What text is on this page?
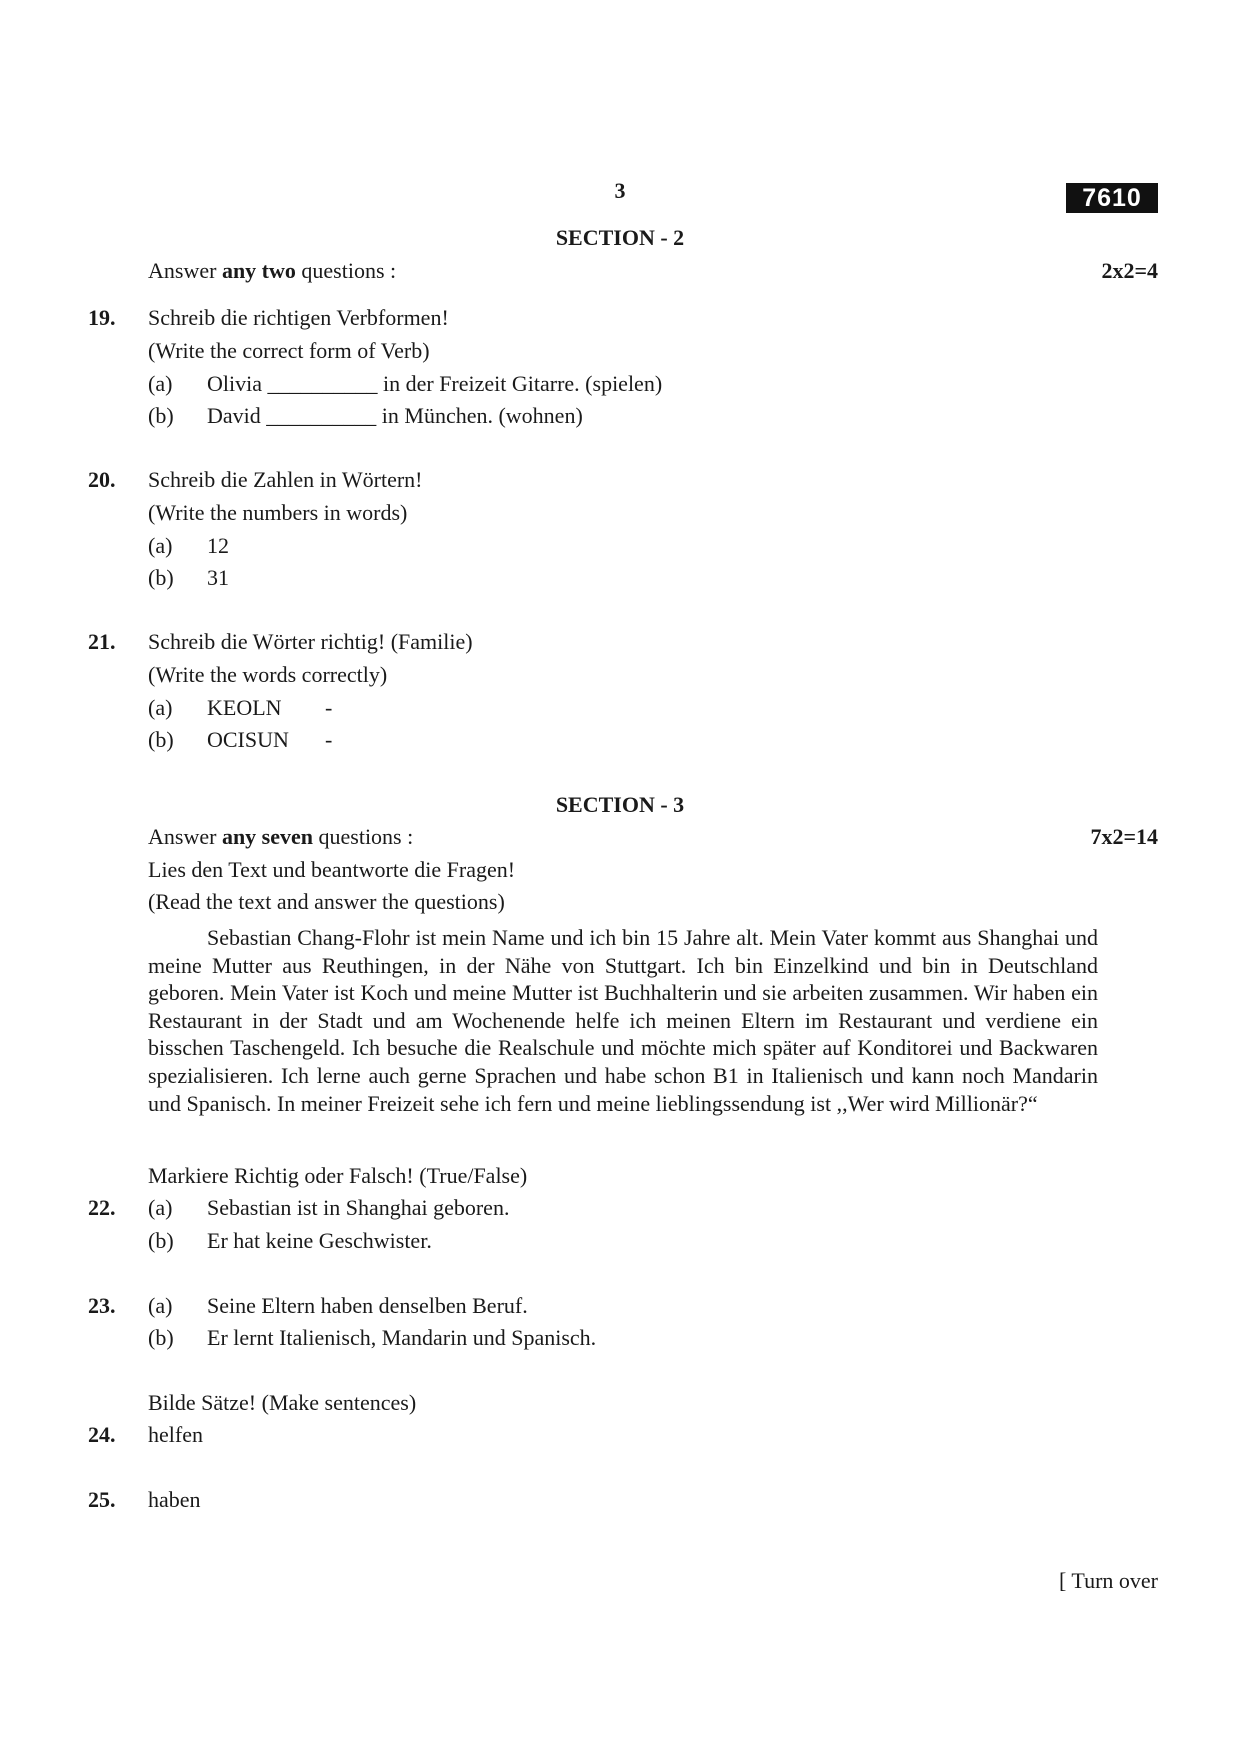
3	7610
SECTION - 2
Answer any two questions :	2x2=4
19. Schreib die richtigen Verbformen!
(Write the correct form of Verb)
(a) Olivia __________ in der Freizeit Gitarre. (spielen)
(b) David __________ in München. (wohnen)
20. Schreib die Zahlen in Wörtern!
(Write the numbers in words)
(a) 12
(b) 31
21. Schreib die Wörter richtig! (Familie)
(Write the words correctly)
(a) KEOLN -
(b) OCISUN -
SECTION - 3
Answer any seven questions :	7x2=14
Lies den Text und beantworte die Fragen!
(Read the text and answer the questions)
Sebastian Chang-Flohr ist mein Name und ich bin 15 Jahre alt. Mein Vater kommt aus Shanghai und meine Mutter aus Reuthingen, in der Nähe von Stuttgart. Ich bin Einzelkind und bin in Deutschland geboren. Mein Vater ist Koch und meine Mutter ist Buchhalterin und sie arbeiten zusammen. Wir haben ein Restaurant in der Stadt und am Wochenende helfe ich meinen Eltern im Restaurant und verdiene ein bisschen Taschengeld. Ich besuche die Realschule und möchte mich später auf Konditorei und Backwaren spezialisieren. Ich lerne auch gerne Sprachen und habe schon B1 in Italienisch und kann noch Mandarin und Spanisch. In meiner Freizeit sehe ich fern und meine lieblingssendung ist ,,Wer wird Millionär?“
Markiere Richtig oder Falsch! (True/False)
22. (a) Sebastian ist in Shanghai geboren.
(b) Er hat keine Geschwister.
23. (a) Seine Eltern haben denselben Beruf.
(b) Er lernt Italienisch, Mandarin und Spanisch.
Bilde Sätze! (Make sentences)
24. helfen
25. haben
[ Turn over
